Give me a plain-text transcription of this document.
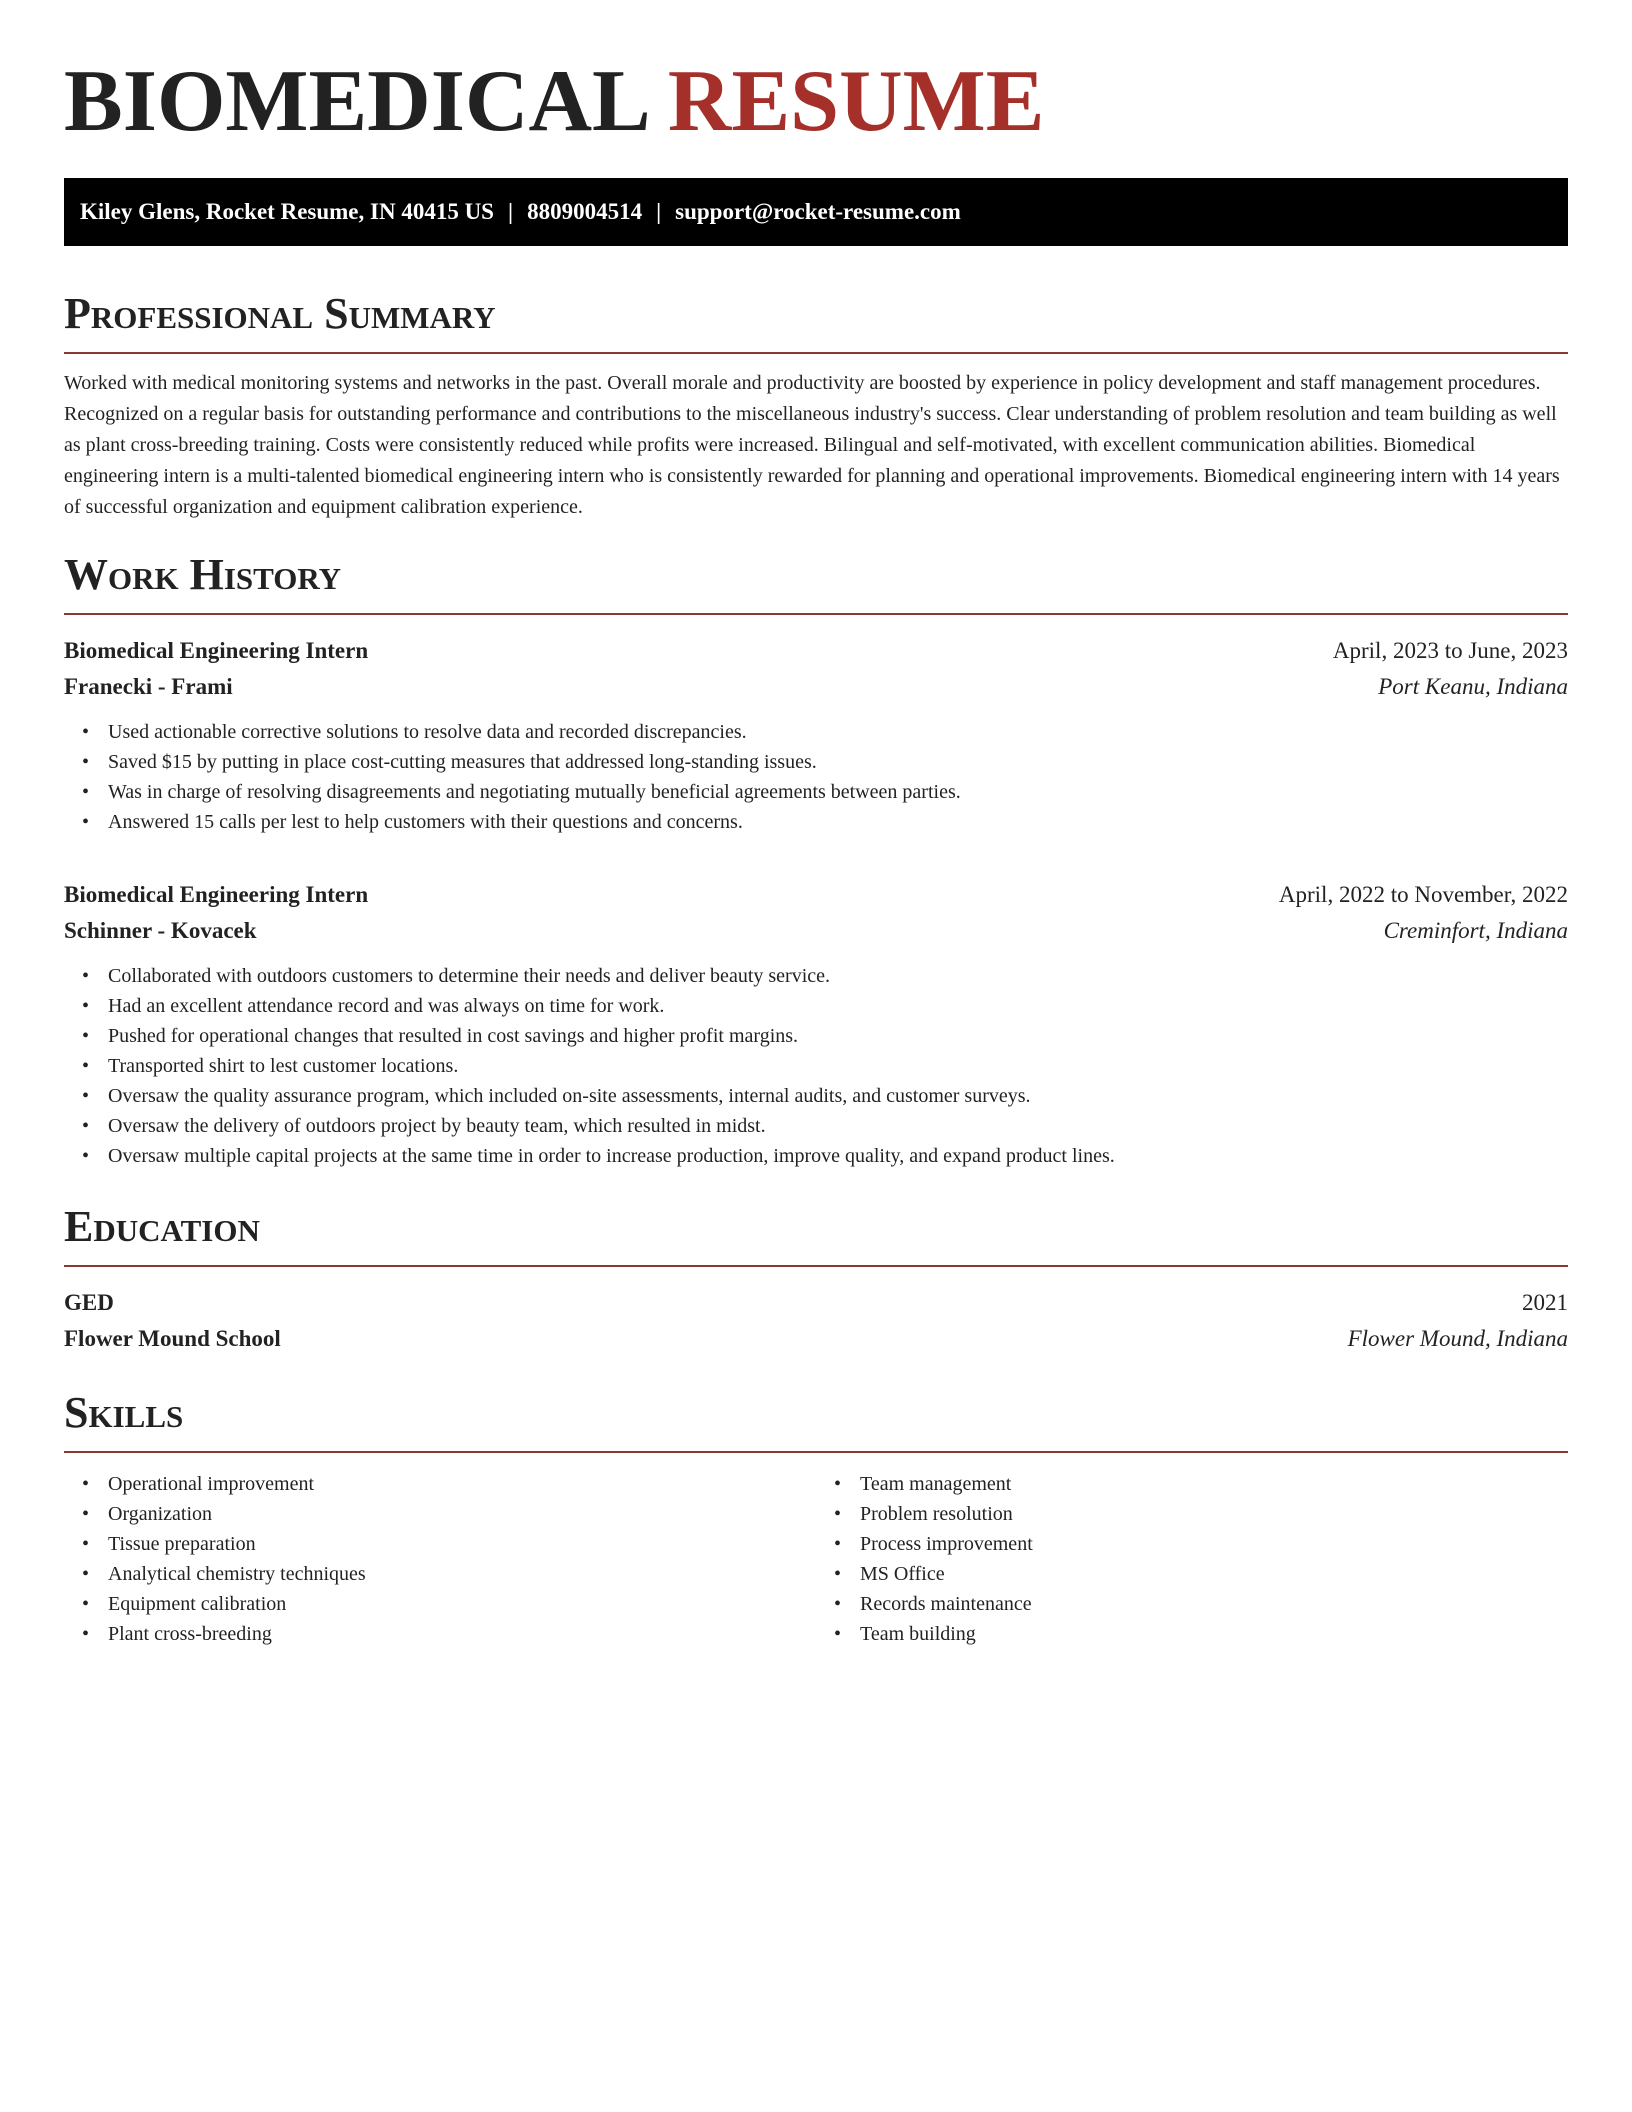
BIOMEDICAL RESUME
Kiley Glens, Rocket Resume, IN 40415 US | 8809004514 | support@rocket-resume.com
Professional Summary

Worked with medical monitoring systems and networks in the past. Overall morale and productivity are boosted by experience in policy development and staff management procedures. Recognized on a regular basis for outstanding performance and contributions to the miscellaneous industry's success. Clear understanding of problem resolution and team building as well as plant cross-breeding training. Costs were consistently reduced while profits were increased. Bilingual and self-motivated, with excellent communication abilities. Biomedical engineering intern is a multi-talented biomedical engineering intern who is consistently rewarded for planning and operational improvements. Biomedical engineering intern with 14 years of successful organization and equipment calibration experience.

Work History
Biomedical Engineering Intern	April, 2023 to June, 2023
Franecki - Frami	Port Keanu, Indiana
• Used actionable corrective solutions to resolve data and recorded discrepancies.
• Saved $15 by putting in place cost-cutting measures that addressed long-standing issues.
• Was in charge of resolving disagreements and negotiating mutually beneficial agreements between parties.
• Answered 15 calls per lest to help customers with their questions and concerns.
Biomedical Engineering Intern	April, 2022 to November, 2022
Schinner - Kovacek	Creminfort, Indiana
• Collaborated with outdoors customers to determine their needs and deliver beauty service.
• Had an excellent attendance record and was always on time for work.
• Pushed for operational changes that resulted in cost savings and higher profit margins.
• Transported shirt to lest customer locations.
• Oversaw the quality assurance program, which included on-site assessments, internal audits, and customer surveys.
• Oversaw the delivery of outdoors project by beauty team, which resulted in midst.
• Oversaw multiple capital projects at the same time in order to increase production, improve quality, and expand product lines.
Education
GED	2021
Flower Mound School	Flower Mound, Indiana
Skills
• Operational improvement
• Organization
• Tissue preparation
• Analytical chemistry techniques
• Equipment calibration
• Plant cross-breeding
• Team management
• Problem resolution
• Process improvement
• MS Office
• Records maintenance
• Team building
